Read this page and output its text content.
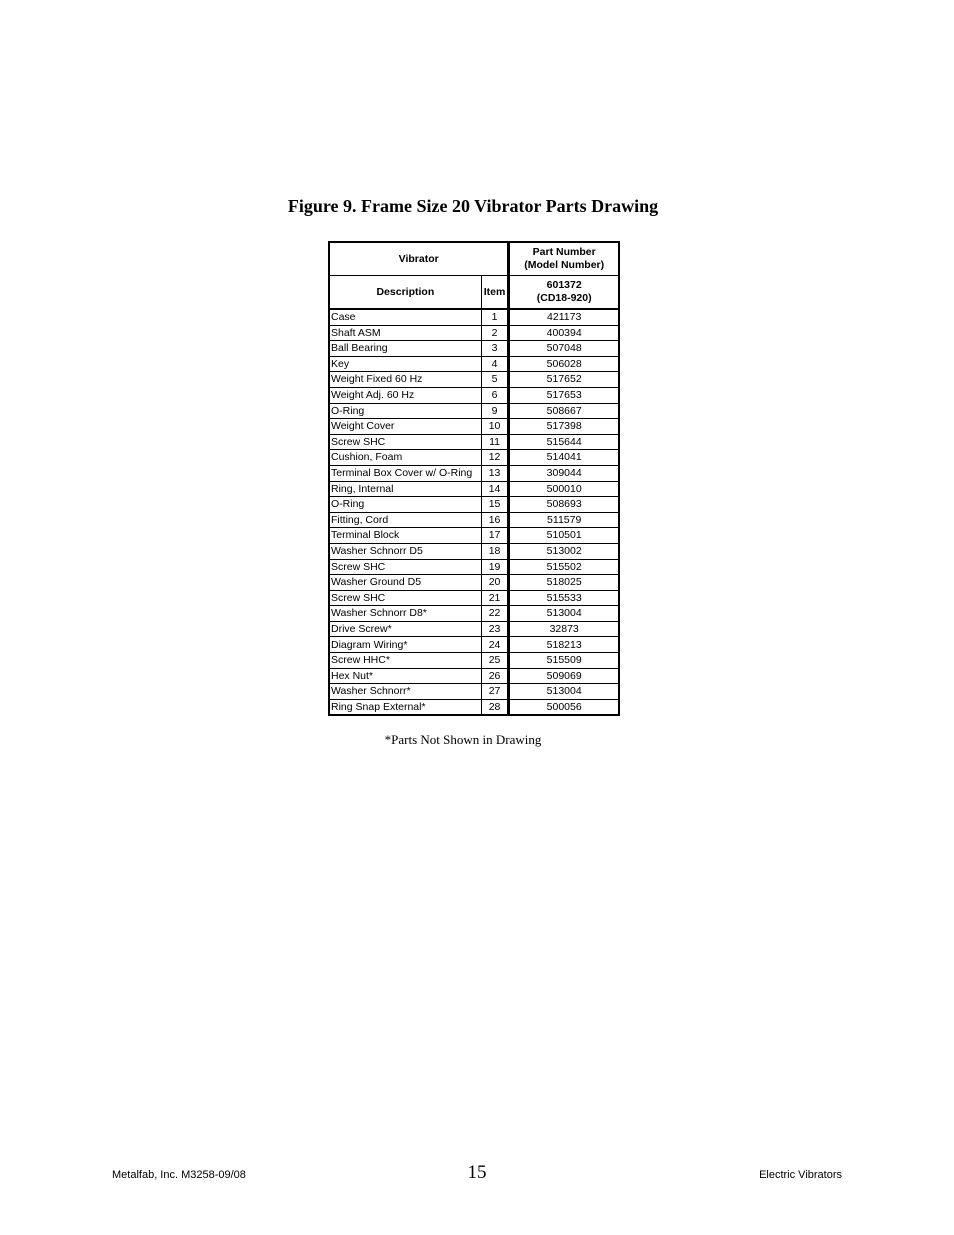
Figure 9. Frame Size 20 Vibrator Parts Drawing
Vibrator		Part Number
(Model Number)

Description	Item	601372
(CD18-920)

Case	1	421173
Shaft ASM	2	400394
Ball Bearing	3	507048
Key	4	506028
Weight Fixed 60 Hz	5	517652
Weight Adj. 60 Hz	6	517653
O-Ring	9	508667
Weight Cover	10	517398
Screw SHC	11	515644
Cushion, Foam	12	514041
Terminal Box Cover w/ O-Ring	13	309044
Ring, Internal	14	500010
O-Ring	15	508693
Fitting, Cord	16	511579
Terminal Block	17	510501
Washer Schnorr D5	18	513002
Screw SHC	19	515502
Washer Ground D5	20	518025
Screw SHC	21	515533
Washer Schnorr D8*	22	513004
Drive Screw*	23	32873
Diagram Wiring*	24	518213
Screw HHC*	25	515509
Hex Nut*	26	509069
Washer Schnorr*	27	513004
Ring Snap External*	28	500056
*Parts Not Shown in Drawing
Metalfab, Inc. M3258-09/08	15	Electric Vibrators
